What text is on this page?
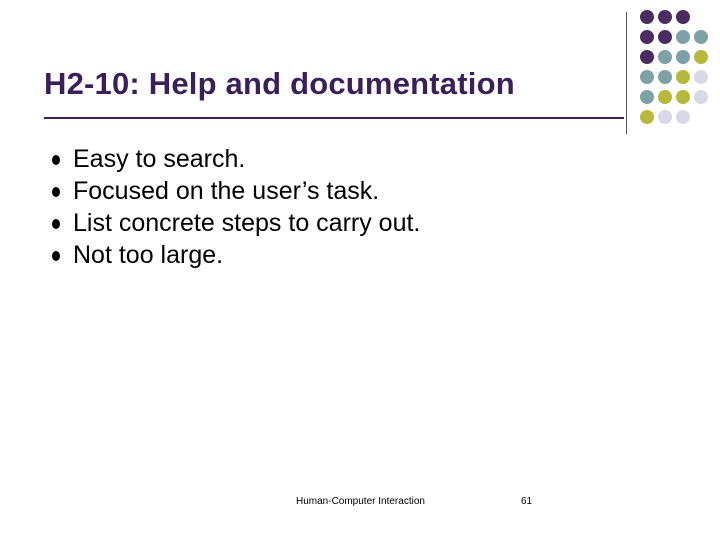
H2-10: Help and documentation
Easy to search.
Focused on the user’s task.
List concrete steps to carry out.
Not too large.
Human-Computer Interaction	61
